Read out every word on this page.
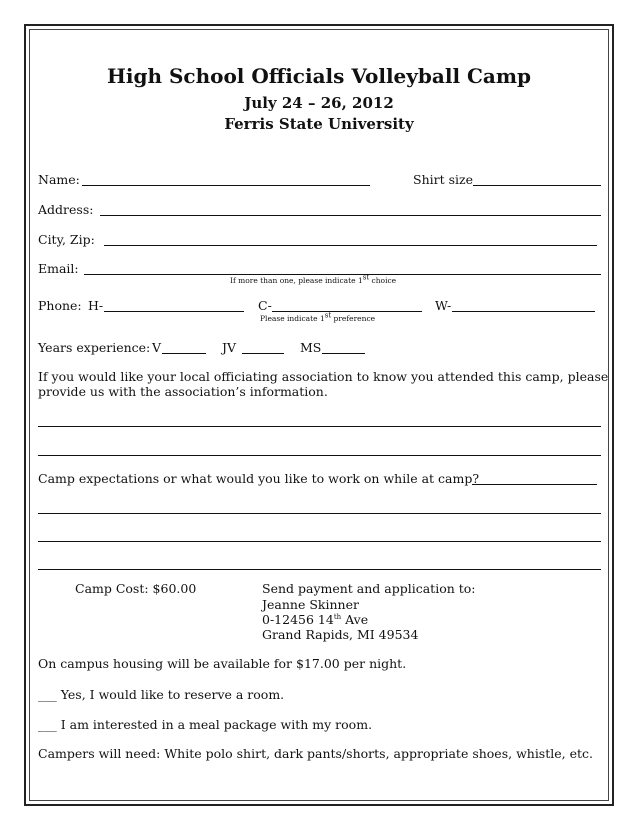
High School Officials Volleyball Camp
July 24 – 26, 2012
Ferris State University
Name:	Shirt size
Address:
City, Zip:
Email:
If more than one, please indicate 1st choice
Phone: H-	C-	W-
Please indicate 1st preference
Years experience: V	JV	MS
If you would like your local officiating association to know you attended this camp, please
provide us with the association’s information.
Camp expectations or what would you like to work on while at camp?
Camp Cost: $60.00	Send payment and application to:
Jeanne Skinner
0-12456 14th Ave
Grand Rapids, MI 49534
On campus housing will be available for $17.00 per night.
___ Yes, I would like to reserve a room.
___ I am interested in a meal package with my room.
Campers will need: White polo shirt, dark pants/shorts, appropriate shoes, whistle, etc.
